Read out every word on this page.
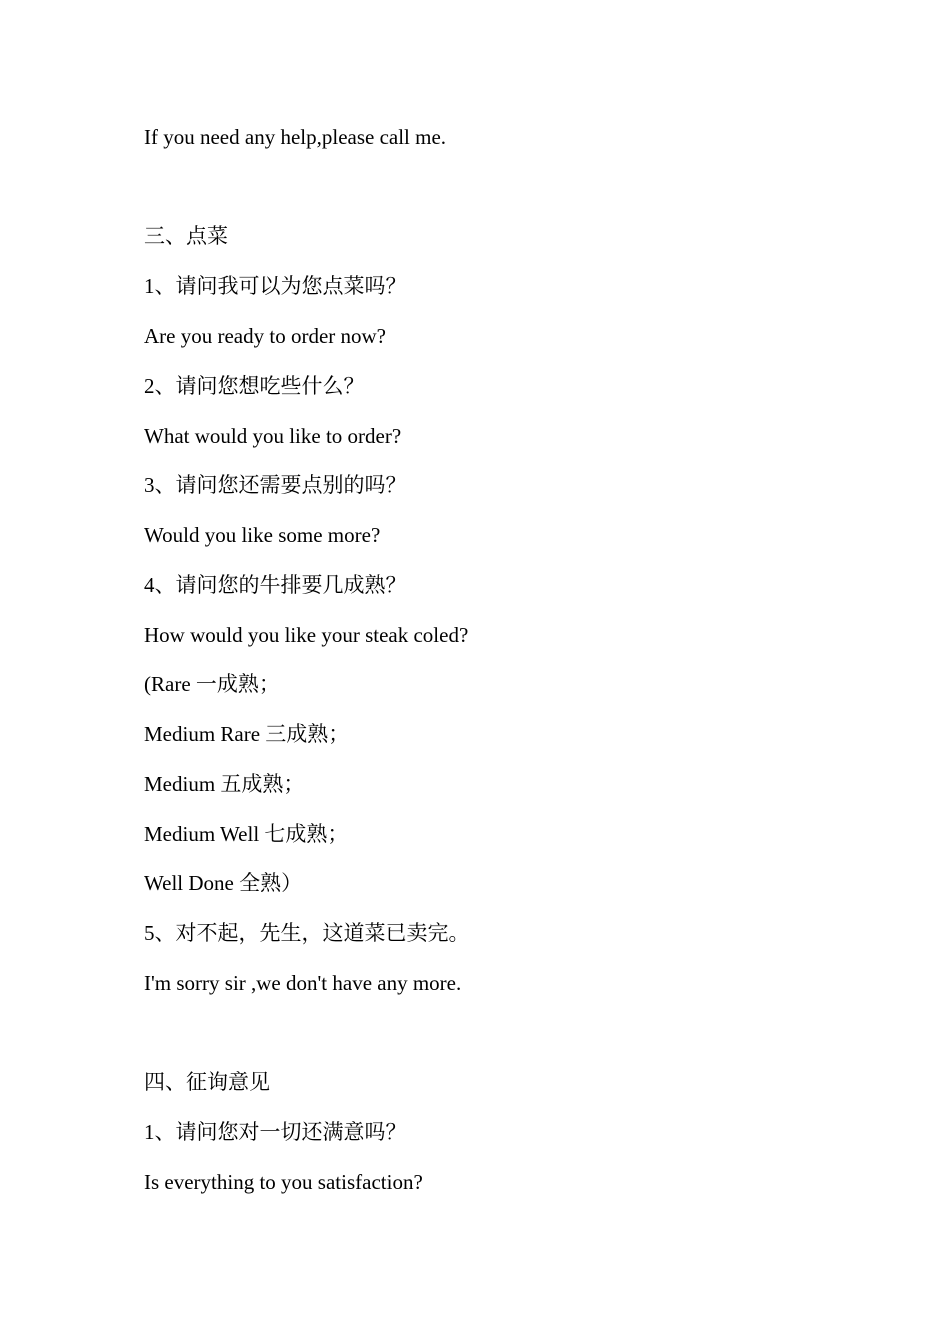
If you need any help,please call me.
三、点菜
1、请问我可以为您点菜吗？
Are you ready to order now?
2、请问您想吃些什么？
What would you like to order?
3、请问您还需要点别的吗？
Would you like some more?
4、请问您的牛排要几成熟？
How would you like your steak coled?
(Rare 一成熟；
Medium Rare 三成熟；
Medium 五成熟；
Medium Well 七成熟；
Well Done 全熟）
5、对不起，先生，这道菜已卖完。
I'm sorry sir ,we don't have any more.
四、征询意见
1、请问您对一切还满意吗？
Is everything to you satisfaction?
